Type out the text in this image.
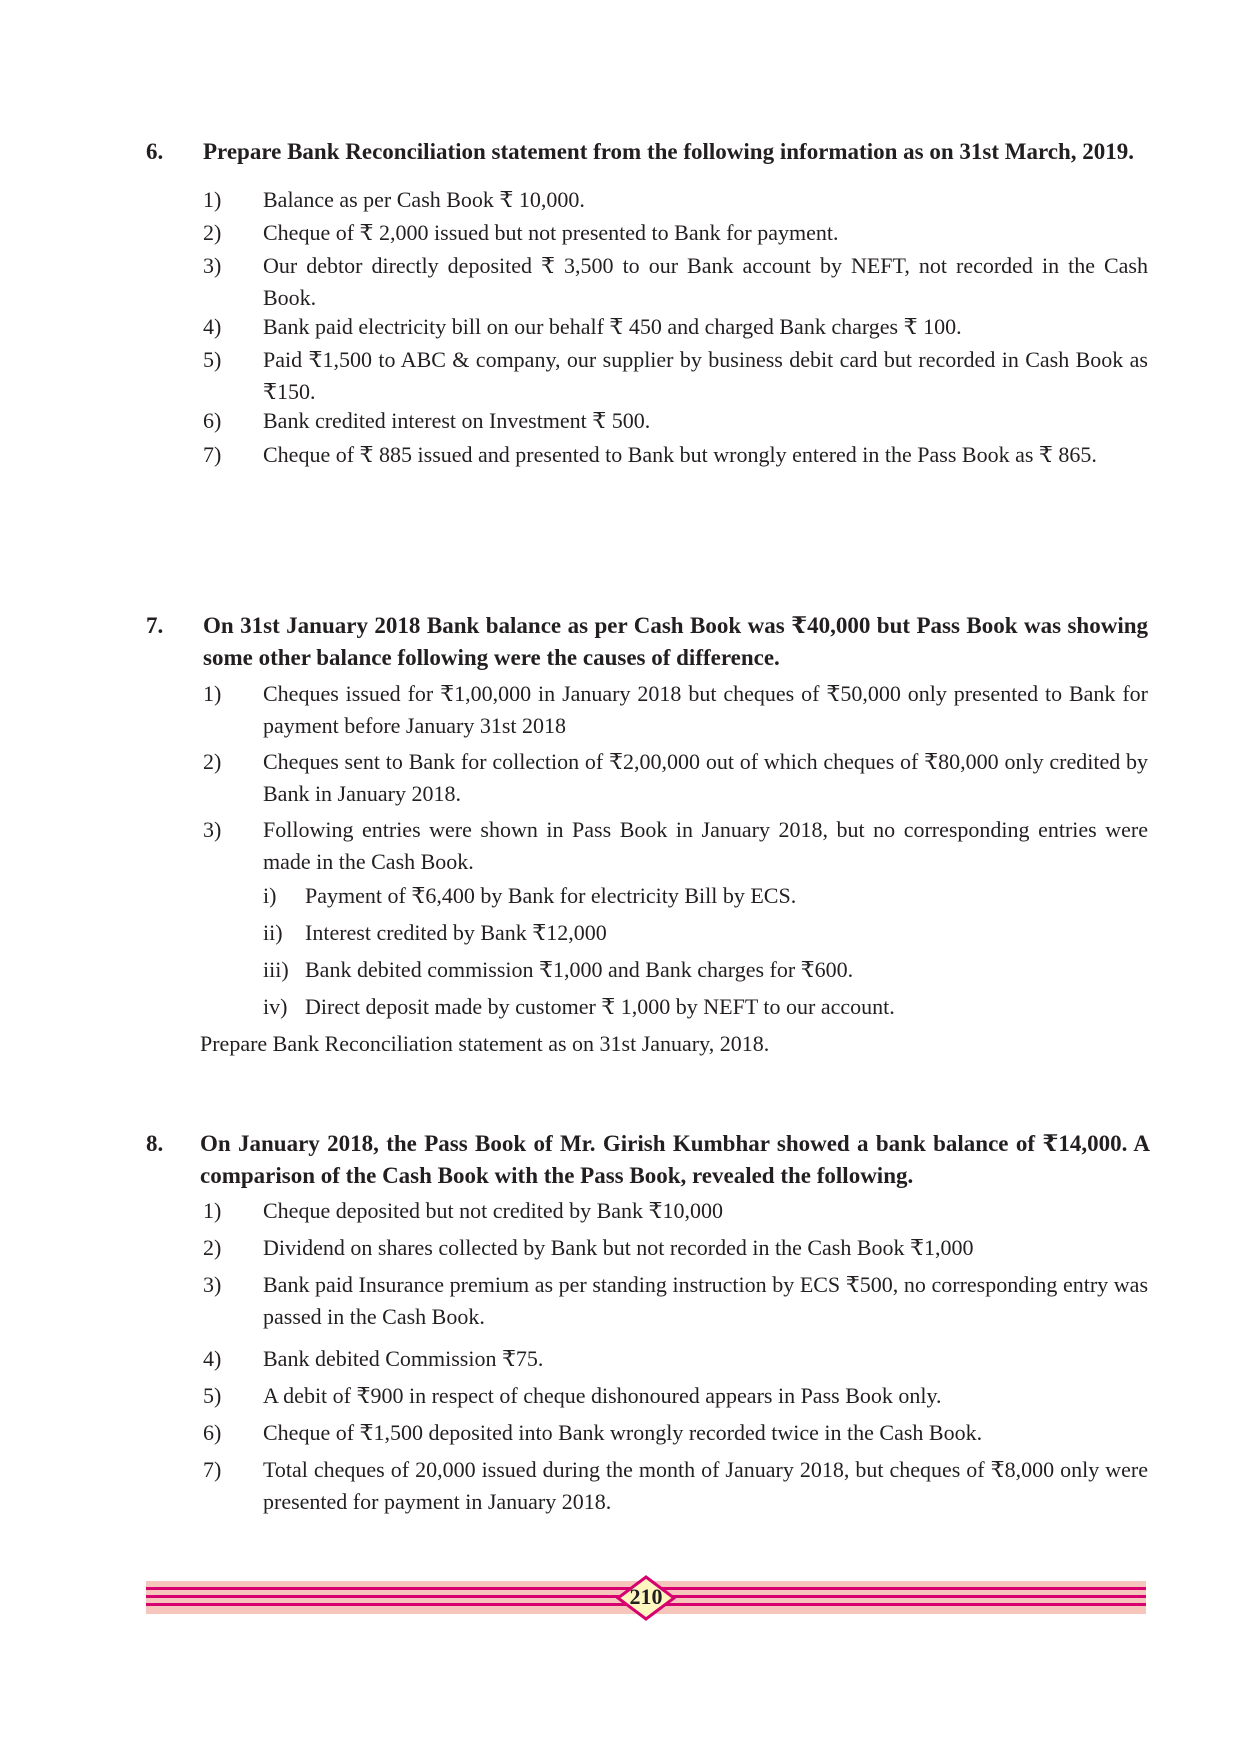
6. Prepare Bank Reconciliation statement from the following information as on 31st March, 2019.

1) Balance as per Cash Book ₹ 10,000.
2) Cheque of ₹ 2,000 issued but not presented to Bank for payment.
3) Our debtor directly deposited ₹ 3,500 to our Bank account by NEFT, not recorded in the Cash Book.
4) Bank paid electricity bill on our behalf ₹ 450 and charged Bank charges ₹ 100.
5) Paid ₹1,500 to ABC & company, our supplier by business debit card but recorded in Cash Book as ₹150.
6) Bank credited interest on Investment ₹ 500.
7) Cheque of ₹ 885 issued and presented to Bank but wrongly entered in the Pass Book as ₹ 865.
7. On 31st January 2018 Bank balance as per Cash Book was ₹40,000 but Pass Book was showing some other balance following were the causes of difference.

1) Cheques issued for ₹1,00,000 in January 2018 but cheques of ₹50,000 only presented to Bank for payment before January 31st 2018
2) Cheques sent to Bank for collection of ₹2,00,000 out of which cheques of ₹80,000 only credited by Bank in January 2018.
3) Following entries were shown in Pass Book in January 2018, but no corresponding entries were made in the Cash Book.
i) Payment of ₹6,400 by Bank for electricity Bill by ECS.
ii) Interest credited by Bank ₹12,000
iii) Bank debited commission ₹1,000 and Bank charges for ₹600.
iv) Direct deposit made by customer ₹ 1,000 by NEFT to our account.
Prepare Bank Reconciliation statement as on 31st January, 2018.
8. On January 2018, the Pass Book of Mr. Girish Kumbhar showed a bank balance of ₹14,000. A comparison of the Cash Book with the Pass Book, revealed the following.

1) Cheque deposited but not credited by Bank ₹10,000
2) Dividend on shares collected by Bank but not recorded in the Cash Book ₹1,000
3) Bank paid Insurance premium as per standing instruction by ECS ₹500, no corresponding entry was passed in the Cash Book.
4) Bank debited Commission ₹75.
5) A debit of ₹900 in respect of cheque dishonoured appears in Pass Book only.
6) Cheque of ₹1,500 deposited into Bank wrongly recorded twice in the Cash Book.
7) Total cheques of 20,000 issued during the month of January 2018, but cheques of ₹8,000 only were presented for payment in January 2018.
210
